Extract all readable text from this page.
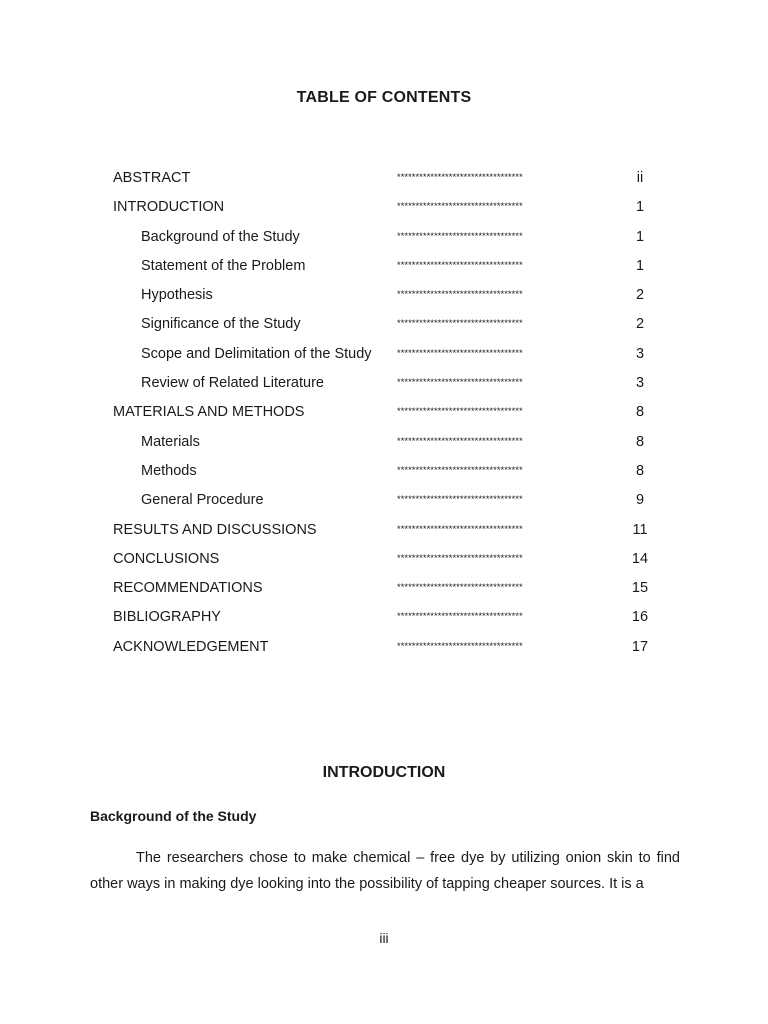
TABLE OF CONTENTS
ABSTRACT	**********************************	ii
INTRODUCTION	**********************************	1
Background of the Study	**********************************	1
Statement of the Problem	**********************************	1
Hypothesis	**********************************	2
Significance of the Study	**********************************	2
Scope and Delimitation of the Study	**********************************	3
Review of Related Literature	**********************************	3
MATERIALS AND METHODS	**********************************	8
Materials	**********************************	8
Methods	**********************************	8
General Procedure	**********************************	9
RESULTS AND DISCUSSIONS	**********************************	11
CONCLUSIONS	**********************************	14
RECOMMENDATIONS	**********************************	15
BIBLIOGRAPHY	**********************************	16
ACKNOWLEDGEMENT	**********************************	17
INTRODUCTION
Background of the Study

The researchers chose to make chemical – free dye by utilizing onion skin to find other ways in making dye looking into the possibility of tapping cheaper sources. It is a

iii
